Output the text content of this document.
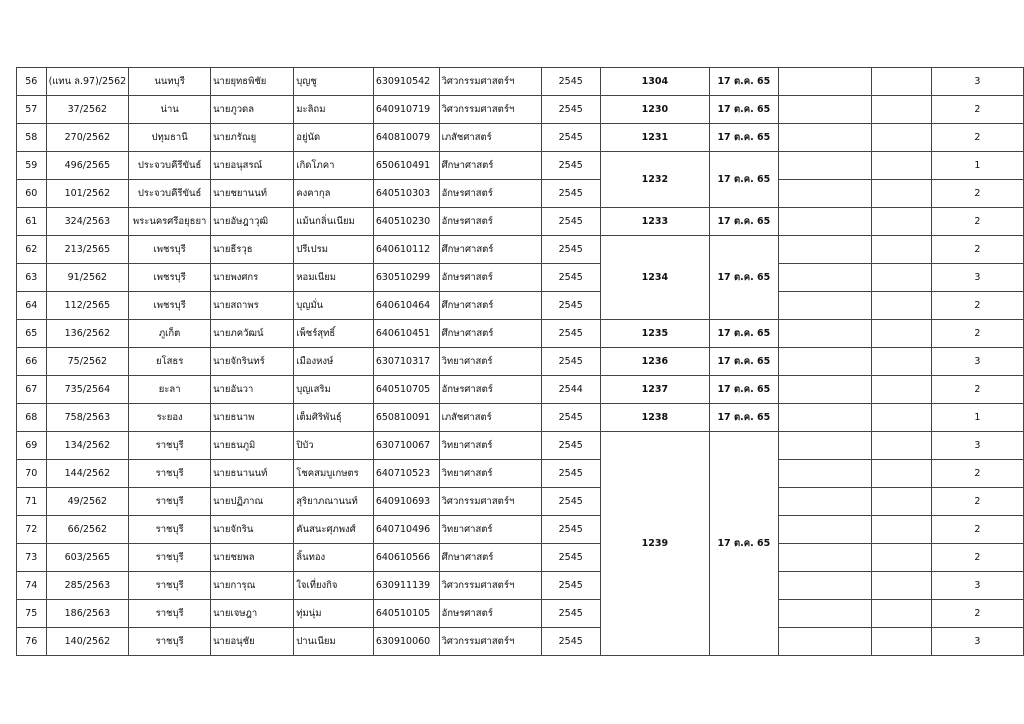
56	(แทน ล.97)/2562	นนทบุรี	นายยุทธพิชัย	บุญชู	630910542	วิศวกรรมศาสตร์ฯ	2545	1304	17 ต.ค. 65			3
57	37/2562	น่าน	นายภูวดล	มะลิถม	640910719	วิศวกรรมศาสตร์ฯ	2545	1230	17 ต.ค. 65			2
58	270/2562	ปทุมธานี	นายภรัณยู	อยู่นัด	640810079	เภสัชศาสตร์	2545	1231	17 ต.ค. 65			2
59	496/2565	ประจวบคีรีขันธ์	นายอนุสรณ์	เกิดโภคา	650610491	ศึกษาศาสตร์	2545	1232	17 ต.ค. 65			1
60	101/2562	ประจวบคีรีขันธ์	นายชยานนท์	คงคากุล	640510303	อักษรศาสตร์	2545					2
61	324/2563	พระนครศรีอยุธยา	นายอัษฎาวุฒิ	แม้นกลิ่นเนียม	640510230	อักษรศาสตร์	2545	1233	17 ต.ค. 65			2
62	213/2565	เพชรบุรี	นายธีรวุธ	ปรีเปรม	640610112	ศึกษาศาสตร์	2545	1234	17 ต.ค. 65			2
63	91/2562	เพชรบุรี	นายพงศกร	หอมเนียม	630510299	อักษรศาสตร์	2545					3
64	112/2565	เพชรบุรี	นายสถาพร	บุญมั่น	640610464	ศึกษาศาสตร์	2545					2
65	136/2562	ภูเก็ต	นายภควัฒน์	เพ็ชร์สุทธิ์	640610451	ศึกษาศาสตร์	2545	1235	17 ต.ค. 65			2
66	75/2562	ยโสธร	นายจักรินทร์	เมืองหงษ์	630710317	วิทยาศาสตร์	2545	1236	17 ต.ค. 65			3
67	735/2564	ยะลา	นายอันวา	บุญเสริม	640510705	อักษรศาสตร์	2544	1237	17 ต.ค. 65			2
68	758/2563	ระยอง	นายธนาพ	เต็มศิริพันธุ์	650810091	เภสัชศาสตร์	2545	1238	17 ต.ค. 65			1
69	134/2562	ราชบุรี	นายธนภูมิ	ปิบัว	630710067	วิทยาศาสตร์	2545	1239	17 ต.ค. 65			3
70	144/2562	ราชบุรี	นายธนานนท์	โชคสมบูเกษตร	640710523	วิทยาศาสตร์	2545					2
71	49/2562	ราชบุรี	นายปฏิภาณ	สุริยาภณานนท์	640910693	วิศวกรรมศาสตร์ฯ	2545					2
72	66/2562	ราชบุรี	นายจักริน	คันสนะศุภพงศ์	640710496	วิทยาศาสตร์	2545					2
73	603/2565	ราชบุรี	นายชยพล	ลิ้นทอง	640610566	ศึกษาศาสตร์	2545					2
74	285/2563	ราชบุรี	นายการุณ	ใจเที่ยงกิจ	630911139	วิศวกรรมศาสตร์ฯ	2545					3
75	186/2563	ราชบุรี	นายเจษฎา	ทุ่มนุ่ม	640510105	อักษรศาสตร์	2545					2
76	140/2562	ราชบุรี	นายอนุชัย	ปานเนียม	630910060	วิศวกรรมศาสตร์ฯ	2545					3
